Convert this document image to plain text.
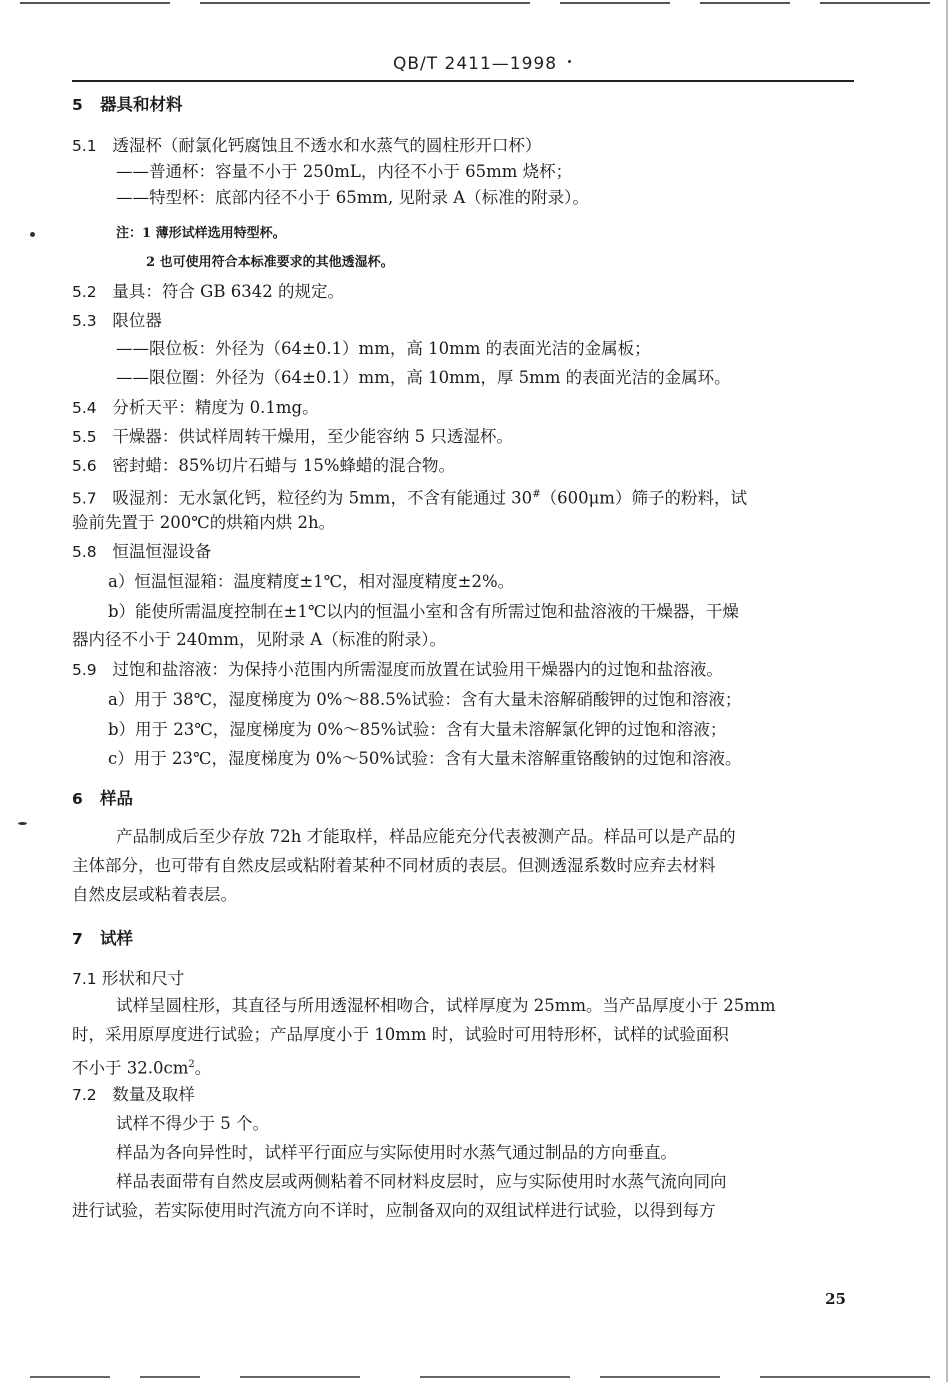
QB/T 2411—1998
5 器具和材料
5.1 透湿杯（耐氯化钙腐蚀且不透水和水蒸气的圆柱形开口杯）
——普通杯：容量不小于 250mL，内径不小于 65mm 烧杯；
——特型杯：底部内径不小于 65mm, 见附录 A（标准的附录）。
注：1 薄形试样选用特型杯。
2 也可使用符合本标准要求的其他透湿杯。
5.2 量具：符合 GB 6342 的规定。
5.3 限位器
——限位板：外径为（64±0.1）mm，高 10mm 的表面光洁的金属板；
——限位圈：外径为（64±0.1）mm，高 10mm，厚 5mm 的表面光洁的金属环。
5.4 分析天平：精度为 0.1mg。
5.5 干燥器：供试样周转干燥用，至少能容纳 5 只透湿杯。
5.6 密封蜡：85%切片石蜡与 15%蜂蜡的混合物。
5.7 吸湿剂：无水氯化钙，粒径约为 5mm，不含有能通过 30#（600μm）筛子的粉料，试
验前先置于 200℃的烘箱内烘 2h。
5.8 恒温恒湿设备
a）恒温恒湿箱：温度精度±1℃，相对湿度精度±2%。
b）能使所需温度控制在±1℃以内的恒温小室和含有所需过饱和盐溶液的干燥器，干燥
器内径不小于 240mm，见附录 A（标准的附录）。
5.9 过饱和盐溶液：为保持小范围内所需湿度而放置在试验用干燥器内的过饱和盐溶液。
a）用于 38℃，湿度梯度为 0%～88.5%试验：含有大量未溶解硝酸钾的过饱和溶液；
b）用于 23℃，湿度梯度为 0%～85%试验：含有大量未溶解氯化钾的过饱和溶液；
c）用于 23℃，湿度梯度为 0%～50%试验：含有大量未溶解重铬酸钠的过饱和溶液。
6 样品
产品制成后至少存放 72h 才能取样，样品应能充分代表被测产品。样品可以是产品的
主体部分，也可带有自然皮层或粘附着某种不同材质的表层。但测透湿系数时应弃去材料
自然皮层或粘着表层。
7 试样
7.1 形状和尺寸
试样呈圆柱形，其直径与所用透湿杯相吻合，试样厚度为 25mm。当产品厚度小于 25mm
时，采用原厚度进行试验；产品厚度小于 10mm 时，试验时可用特形杯，试样的试验面积
不小于 $32.0cm^2$。
7.2 数量及取样
试样不得少于 5 个。
样品为各向异性时，试样平行面应与实际使用时水蒸气通过制品的方向垂直。
样品表面带有自然皮层或两侧粘着不同材料皮层时，应与实际使用时水蒸气流向同向
进行试验，若实际使用时汽流方向不详时，应制备双向的双组试样进行试验，以得到每方
25
